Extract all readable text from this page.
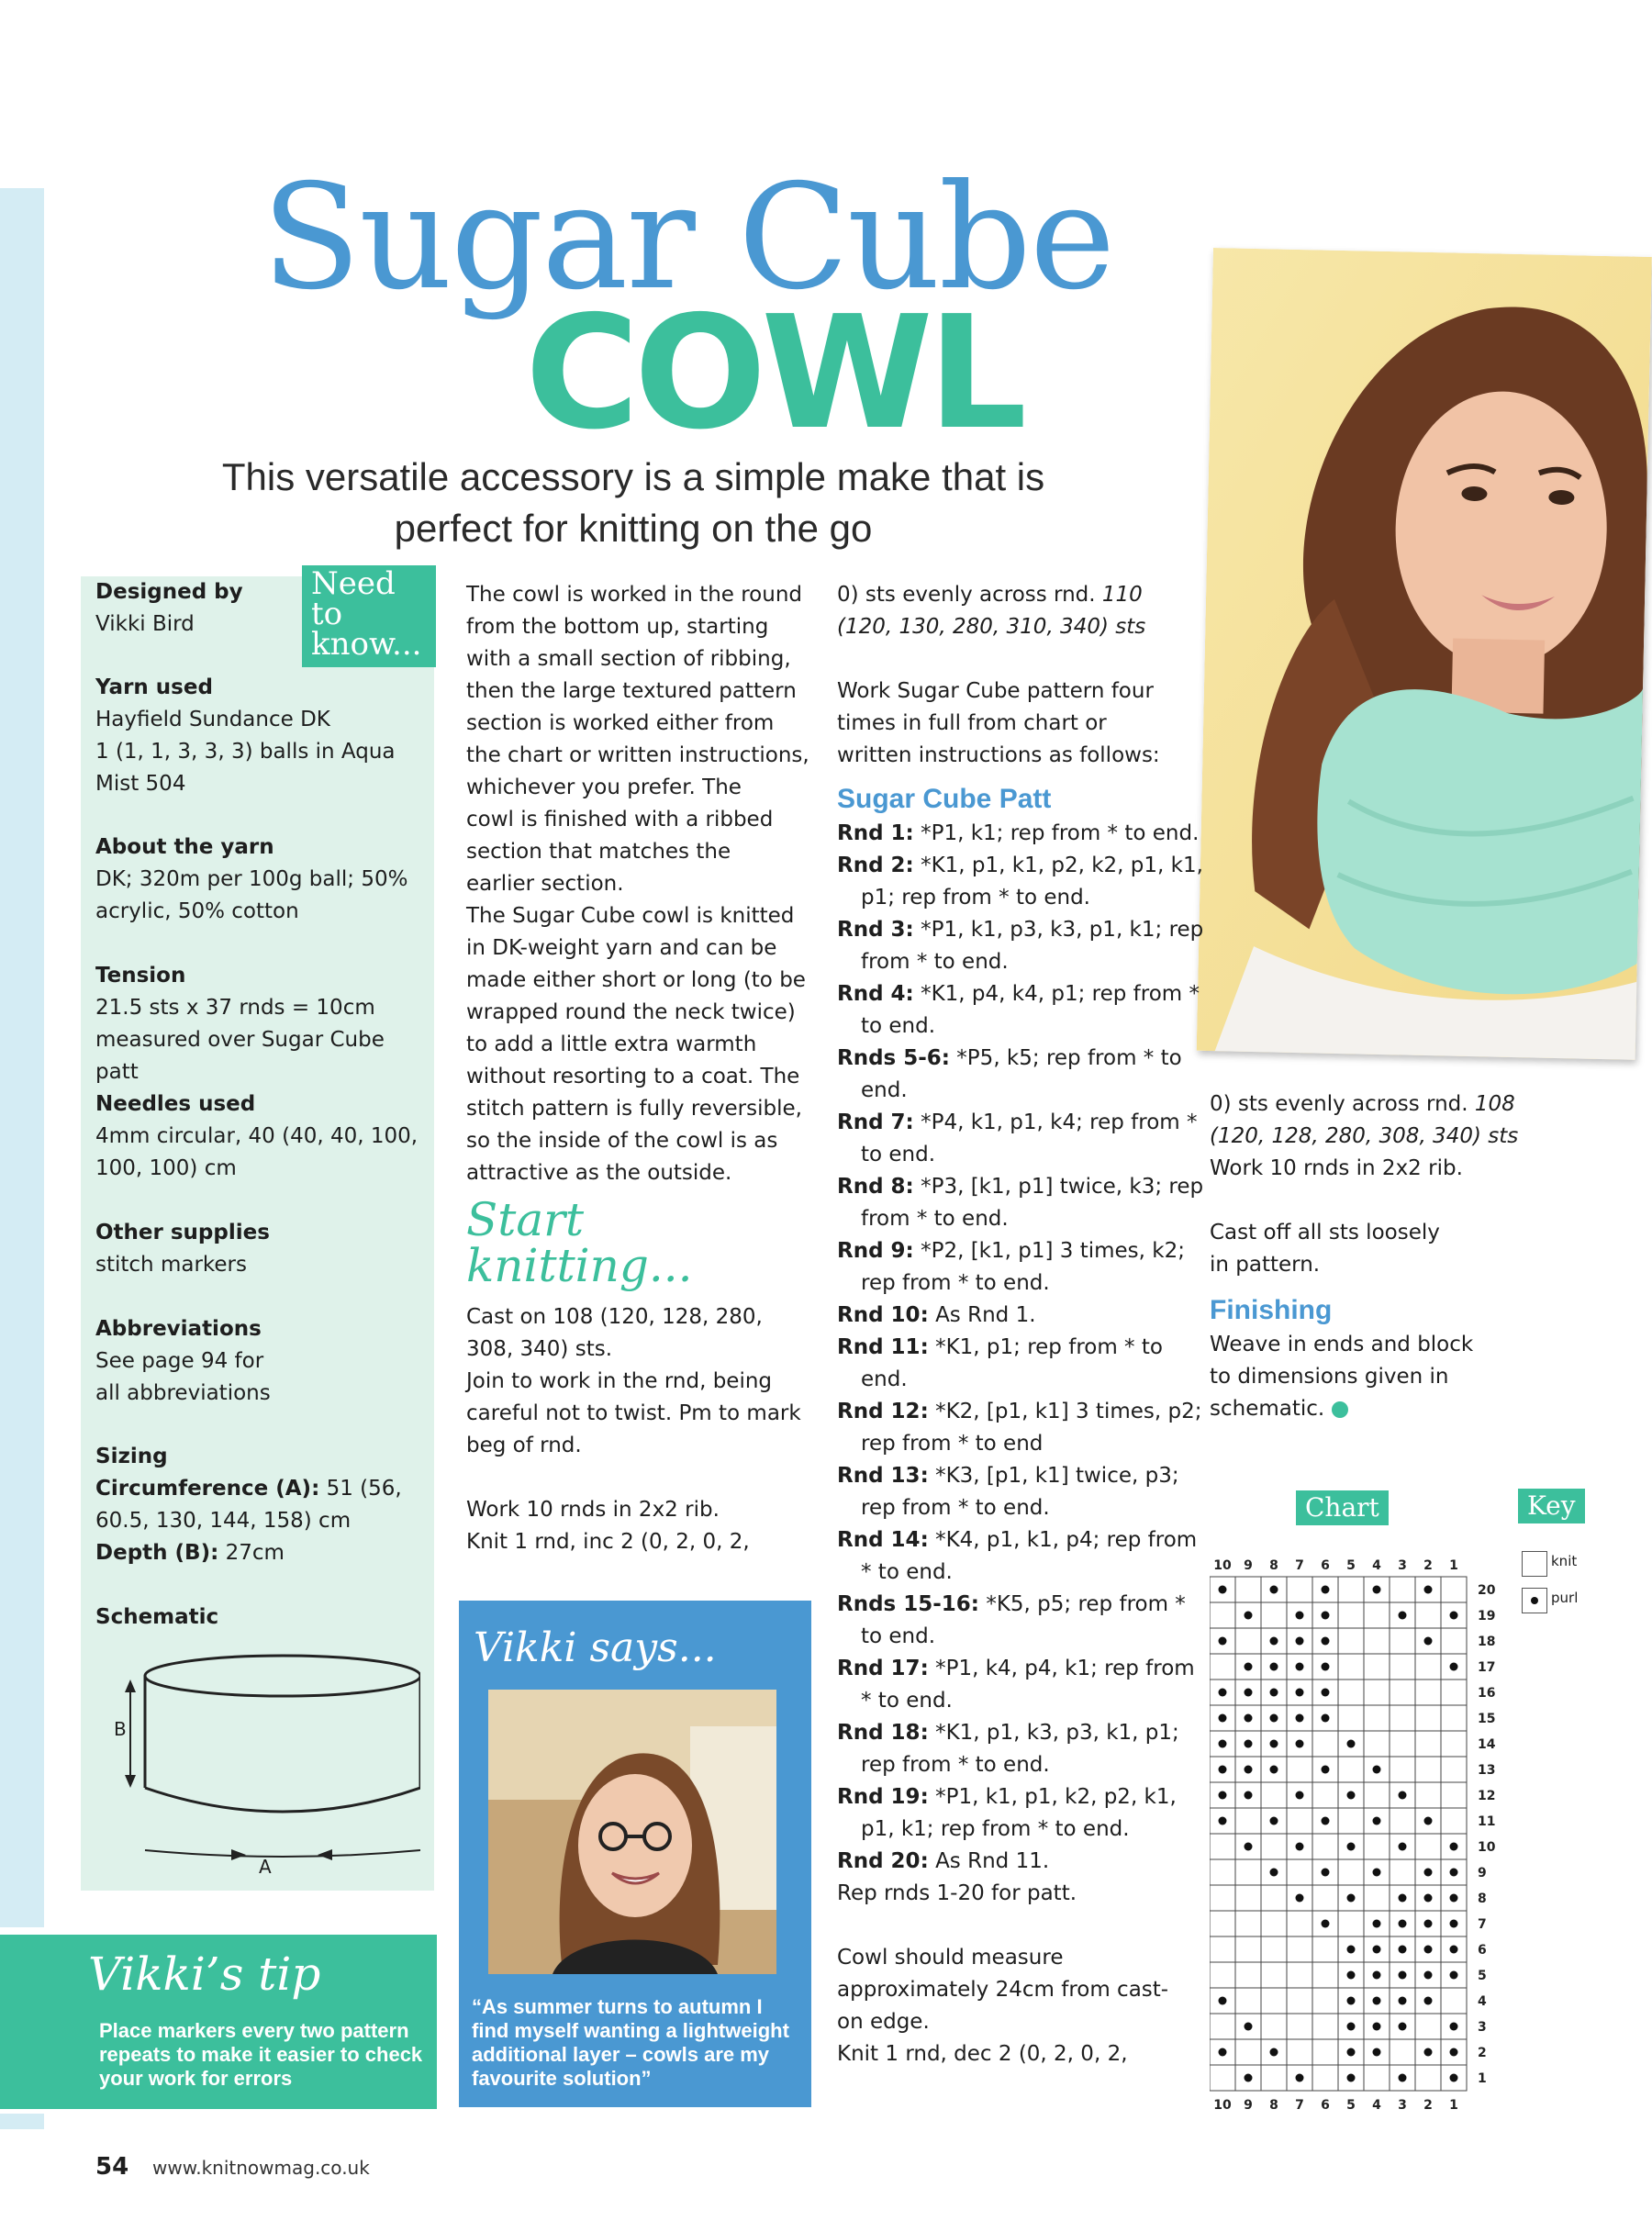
Sugar Cube
COWL
This versatile accessory is a simple make that is perfect for knitting on the go
Need to know...
Designed by
Vikki Bird
Yarn used
Hayfield Sundance DK
1 (1, 1, 3, 3, 3) balls in Aqua
Mist 504
About the yarn
DK; 320m per 100g ball; 50%
acrylic, 50% cotton
Tension
21.5 sts x 37 rnds = 10cm
measured over Sugar Cube patt
Needles used
4mm circular, 40 (40, 40, 100,
100, 100) cm
Other supplies
stitch markers
Abbreviations
See page 94 for
all abbreviations
Sizing
Circumference (A): 51 (56,
60.5, 130, 144, 158) cm
Depth (B): 27cm
Schematic
B
A

The cowl is worked in the round

from the bottom up, starting

with a small section of ribbing,

then the large textured pattern

section is worked either from

the chart or written instructions,

whichever you prefer. The

cowl is finished with a ribbed

section that matches the

earlier section.

The Sugar Cube cowl is knitted

in DK-weight yarn and can be

made either short or long (to be

wrapped round the neck twice)

to add a little extra warmth

without resorting to a coat. The

stitch pattern is fully reversible,

so the inside of the cowl is as

attractive as the outside.

Start knitting...

Cast on 108 (120, 128, 280,

308, 340) sts.

Join to work in the rnd, being

careful not to twist. Pm to mark

beg of rnd.

Work 10 rnds in 2x2 rib.

Knit 1 rnd, inc 2 (0, 2, 0, 2,

Vikki says...
“As summer turns to autumn I find myself wanting a lightweight additional layer – cowls are my favourite solution”
Vikki’s tip
Place markers every two pattern repeats to make it easier to check your work for errors

0) sts evenly across rnd. 110

(120, 130, 280, 310, 340) sts

Work Sugar Cube pattern four

times in full from chart or

written instructions as follows:

Sugar Cube Patt

Rnd 1: *P1, k1; rep from * to end.

Rnd 2: *K1, p1, k1, p2, k2, p1, k1, p1; rep from * to end.

Rnd 3: *P1, k1, p3, k3, p1, k1; rep from * to end.

Rnd 4: *K1, p4, k4, p1; rep from * to end.

Rnds 5-6: *P5, k5; rep from * to end.

Rnd 7: *P4, k1, p1, k4; rep from * to end.

Rnd 8: *P3, [k1, p1] twice, k3; rep from * to end.

Rnd 9: *P2, [k1, p1] 3 times, k2; rep from * to end.

Rnd 10: As Rnd 1.

Rnd 11: *K1, p1; rep from * to end.

Rnd 12: *K2, [p1, k1] 3 times, p2; rep from * to end

Rnd 13: *K3, [p1, k1] twice, p3; rep from * to end.

Rnd 14: *K4, p1, k1, p4; rep from * to end.

Rnds 15-16: *K5, p5; rep from * to end.

Rnd 17: *P1, k4, p4, k1; rep from * to end.

Rnd 18: *K1, p1, k3, p3, k1, p1; rep from * to end.

Rnd 19: *P1, k1, p1, k2, p2, k1, p1, k1; rep from * to end.

Rnd 20: As Rnd 11.

Rep rnds 1-20 for patt.

Cowl should measure

approximately 24cm from cast-

on edge.

Knit 1 rnd, dec 2 (0, 2, 0, 2,

0) sts evenly across rnd. 108

(120, 128, 280, 308, 340) sts

Work 10 rnds in 2x2 rib.

Cast off all sts loosely

in pattern.

Finishing

Weave in ends and block

to dimensions given in

schematic.

Chart	Key
knit
purl
10
10
9
9
8
8
7
7
6
6
5
5
4
4
3
3
2
2
1
1
20
19
18
17
16
15
14
13
12
11
10
9
8
7
6
5
4
3
2
1
54 www.knitnowmag.co.uk
